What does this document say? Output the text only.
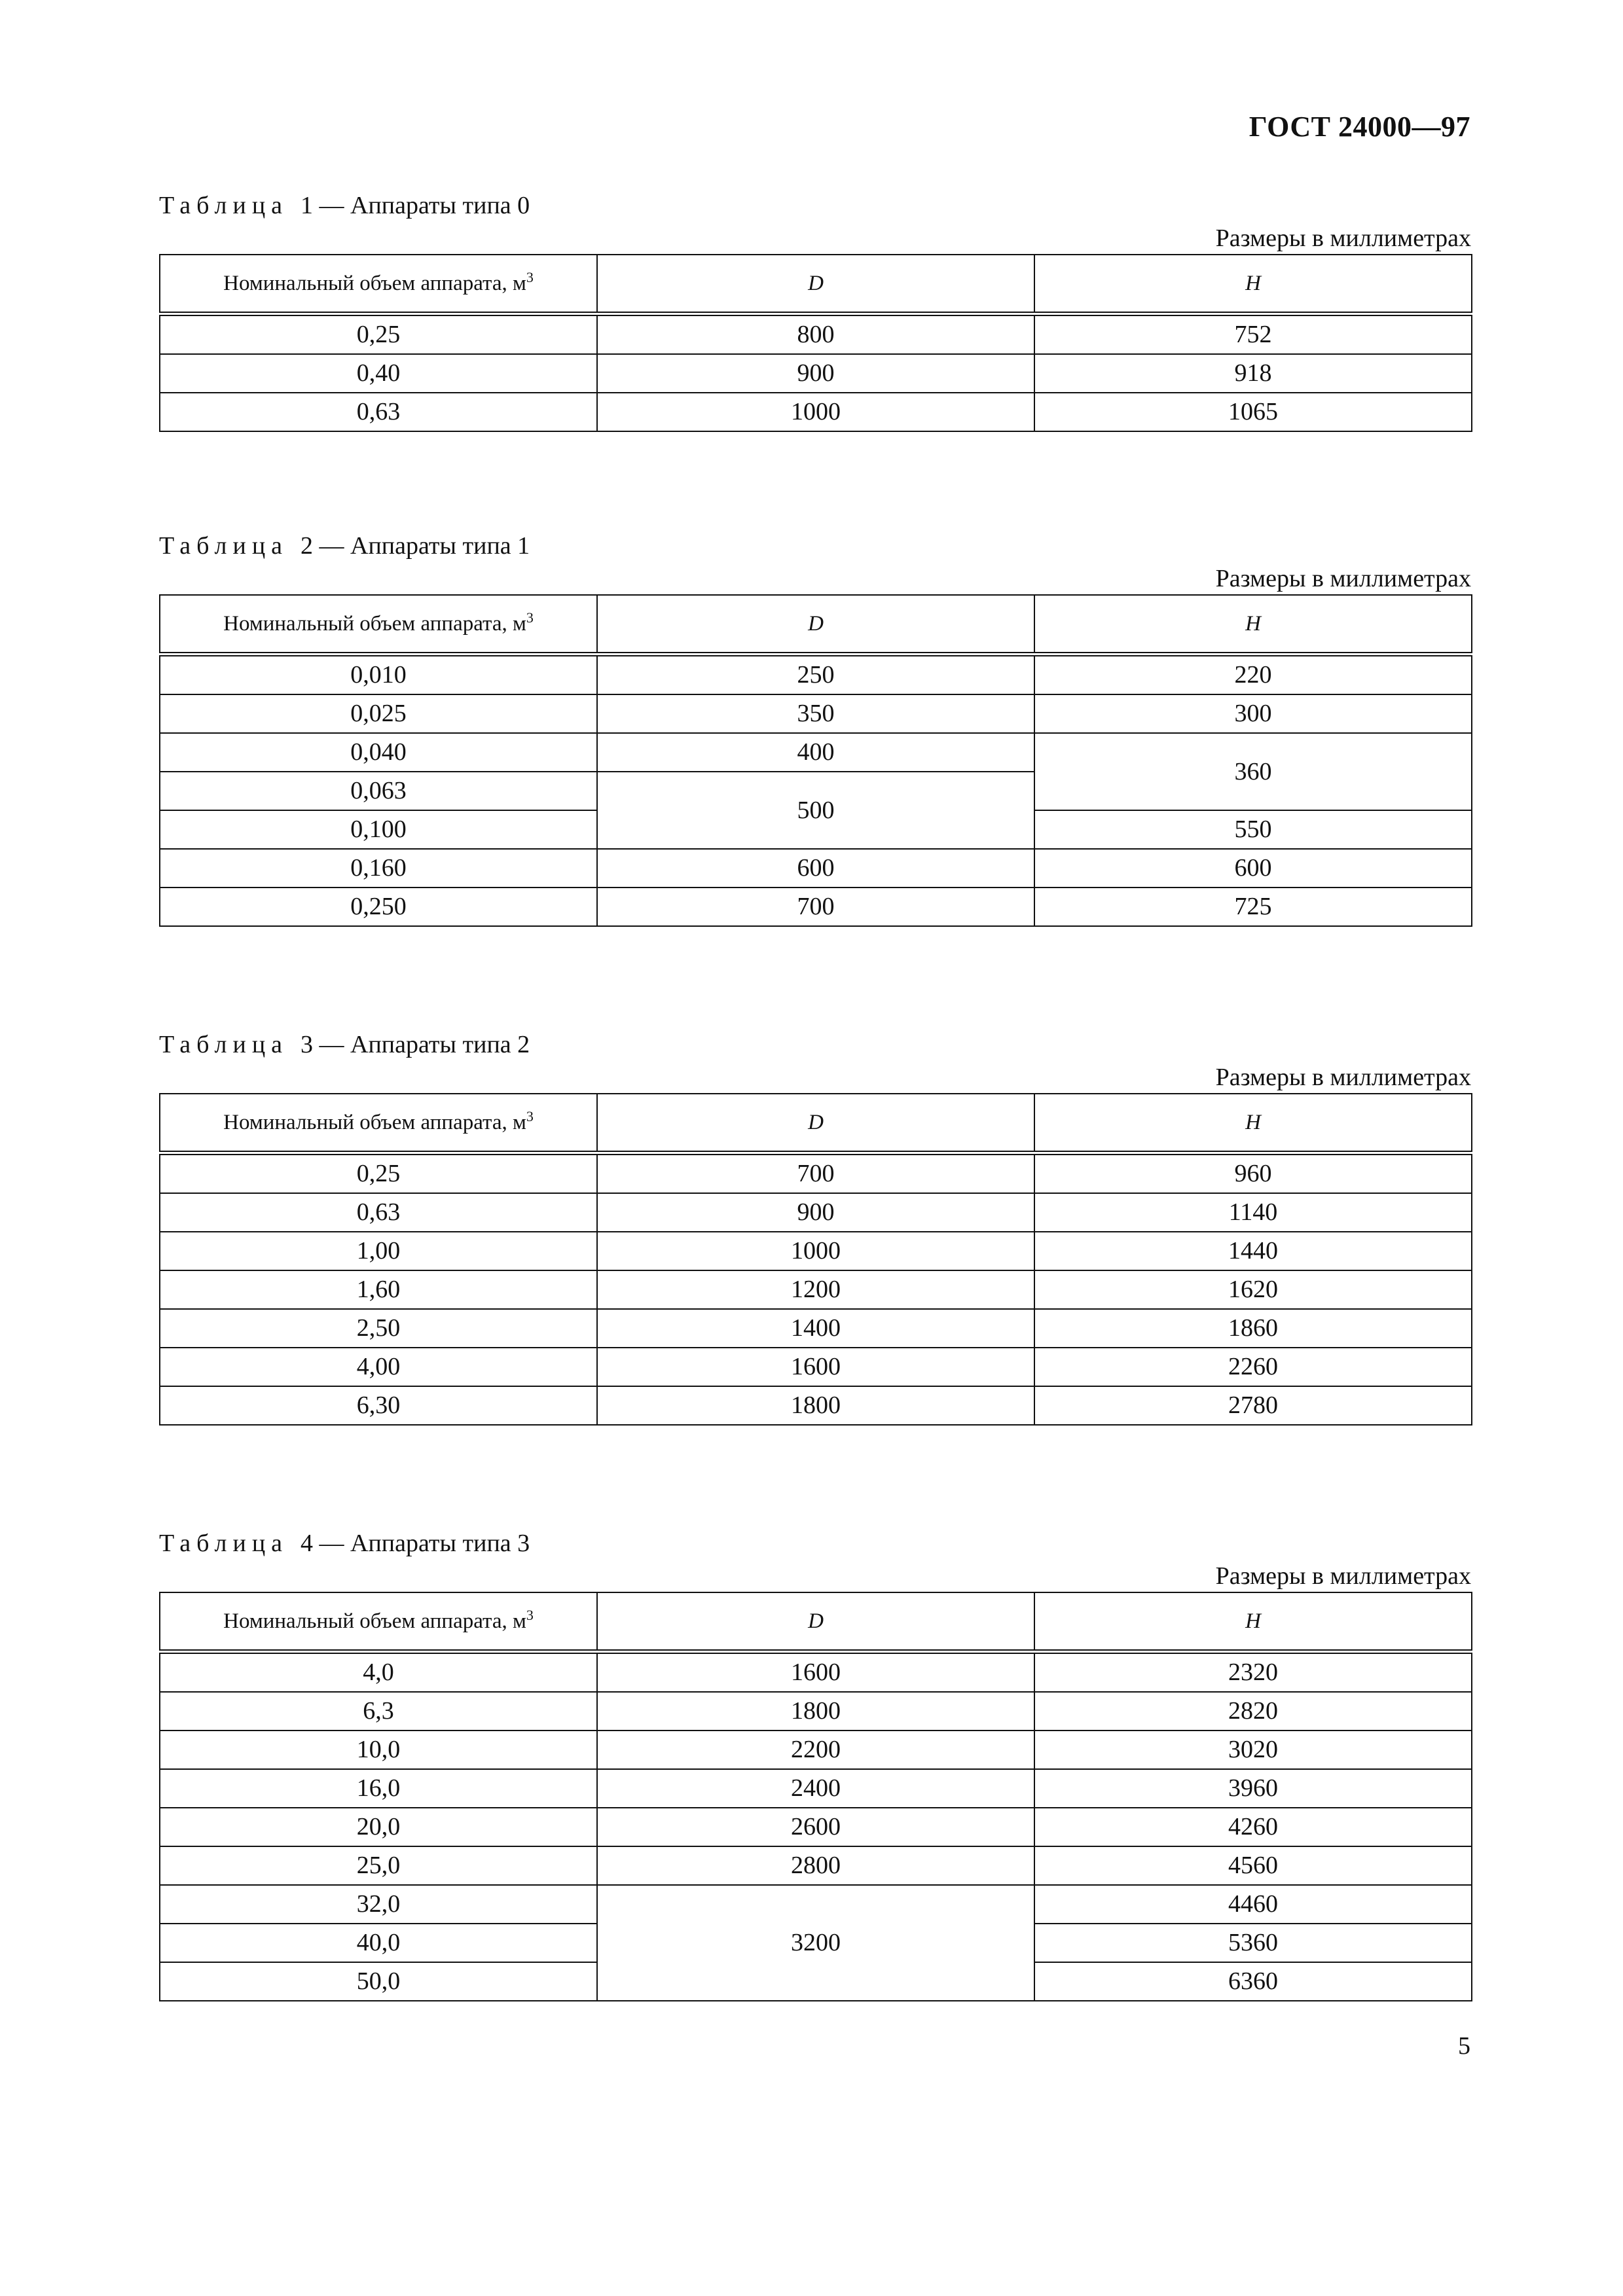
ГОСТ 24000—97
Таблица 1 — Аппараты типа 0
Размеры в миллиметрах
Номинальный объем аппарата, $м^3$	D	H
0,25	800	752
0,40	900	918
0,63	1000	1065
Таблица 2 — Аппараты типа 1
Размеры в миллиметрах
Номинальный объем аппарата, $м^3$	D	H
0,010	250	220
0,025	350	300
0,040	400	360
0,063	500	
0,100		550
0,160	600	600
0,250	700	725
Таблица 3 — Аппараты типа 2
Размеры в миллиметрах
Номинальный объем аппарата, $м^3$	D	H
0,25	700	960
0,63	900	1140
1,00	1000	1440
1,60	1200	1620
2,50	1400	1860
4,00	1600	2260
6,30	1800	2780
Таблица 4 — Аппараты типа 3
Размеры в миллиметрах
Номинальный объем аппарата, $м^3$	D	H
4,0	1600	2320
6,3	1800	2820
10,0	2200	3020
16,0	2400	3960
20,0	2600	4260
25,0	2800	4560
32,0	3200	4460
40,0		5360
50,0		6360
5
